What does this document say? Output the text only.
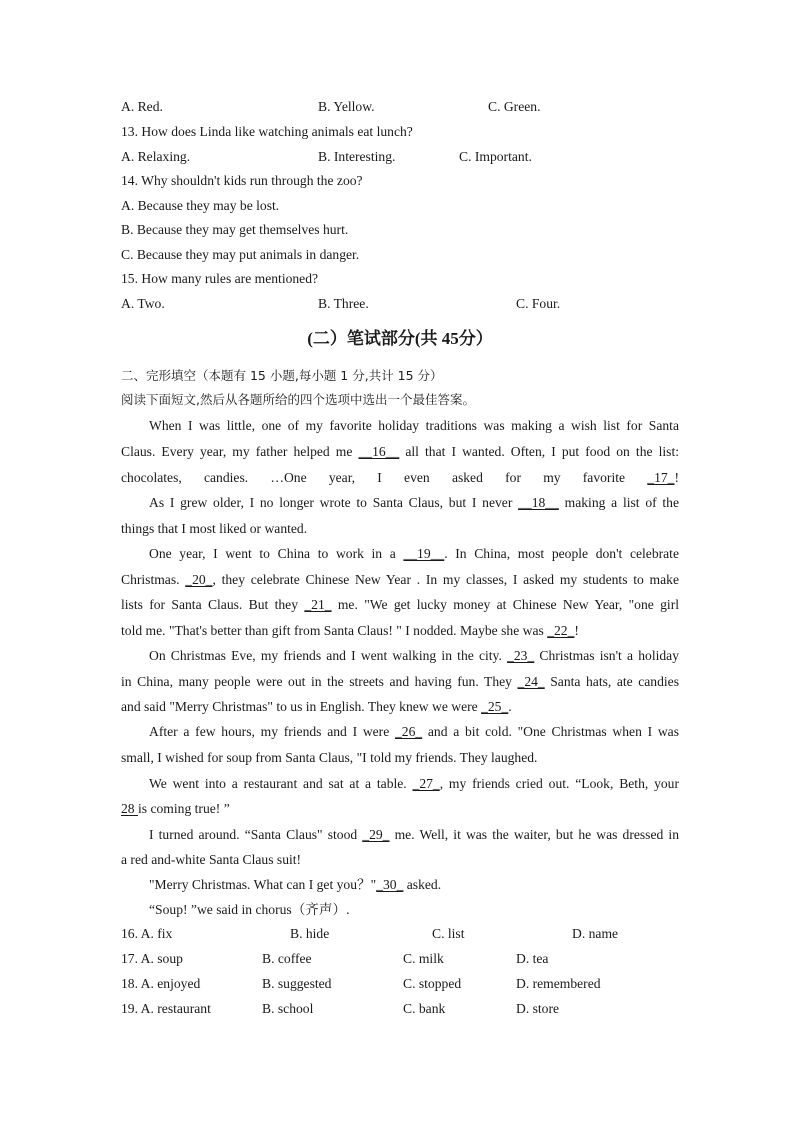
A. Red.	B. Yellow.	C. Green.
13. How does Linda like watching animals eat lunch?
A. Relaxing.	B. Interesting.	C. Important.
14. Why shouldn't kids run through the zoo?
A. Because they may be lost.
B. Because they may get themselves hurt.
C. Because they may put animals in danger.
15. How many rules are mentioned?
A. Two.	B. Three.	C. Four.
(二）笔试部分(共 45分）
二、完形填空（本题有 15 小题,每小题 1 分,共计 15 分）
阅读下面短文,然后从各题所给的四个选项中选出一个最佳答案。
When I was little, one of my favorite holiday traditions was making a wish list for Santa
Claus. Every year, my father helped me __16__ all that I wanted. Often, I put food on the list:
chocolates, candies. …One year, I even asked for my favorite _17_!
As I grew older, I no longer wrote to Santa Claus, but I never __18__ making a list of the
things that I most liked or wanted.
One year, I went to China to work in a __19__. In China, most people don't celebrate
Christmas. _20_, they celebrate Chinese New Year . In my classes, I asked my students to make
lists for Santa Claus. But they _21_ me. "We get lucky money at Chinese New Year, "one girl
told me. "That's better than gift from Santa Claus! " I nodded. Maybe she was _22_!
On Christmas Eve, my friends and I went walking in the city. _23_ Christmas isn't a holiday
in China, many people were out in the streets and having fun. They _24_ Santa hats, ate candies
and said "Merry Christmas" to us in English. They knew we were _25_.
After a few hours, my friends and I were _26_ and a bit cold. "One Christmas when I was
small, I wished for soup from Santa Claus, "I told my friends. They laughed.
We went into a restaurant and sat at a table. _27_, my friends cried out. “Look, Beth, your
28 is coming true! ”
I turned around. “Santa Claus" stood _29_ me. Well, it was the waiter, but he was dressed in
a red and-white Santa Claus suit!
"Merry Christmas. What can I get you？"_30_ asked.
“Soup! ”we said in chorus（齐声）.
16. A. fix	B. hide	C. list	D. name
17. A. soup	B. coffee	C. milk	D. tea
18. A. enjoyed	B. suggested	C. stopped	D. remembered
19. A. restaurant	B. school	C. bank	D. store
